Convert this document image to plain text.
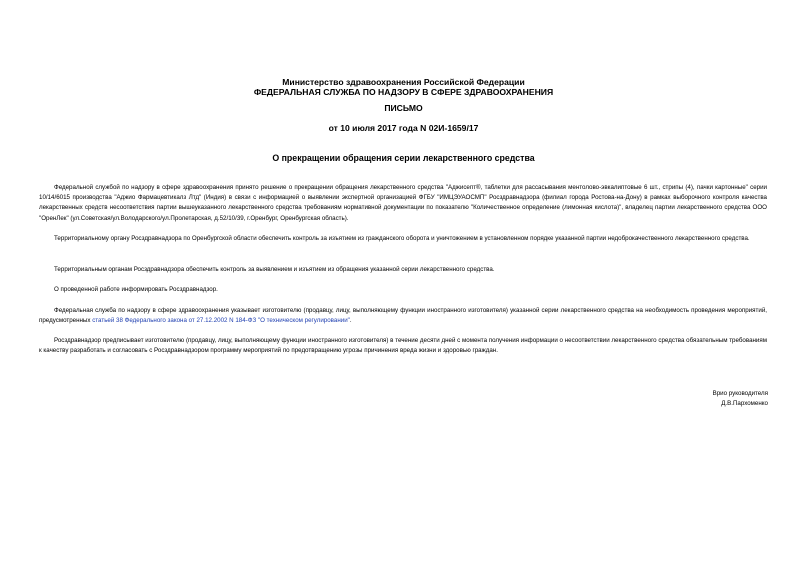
Министерство здравоохранения Российской Федерации
ФЕДЕРАЛЬНАЯ СЛУЖБА ПО НАДЗОРУ В СФЕРЕ ЗДРАВООХРАНЕНИЯ
ПИСЬМО
от 10 июля 2017 года N 02И-1659/17
О прекращении обращения серии лекарственного средства

Федеральной службой по надзору в сфере здравоохранения принято решение о прекращении обращения лекарственного средства "Аджисепт®, таблетки для рассасывания ментолово-эвкалиптовые 6 шт., стрипы (4), пачки картонные" серии 10/14/6015 производства "Аджио Фармацевтикалз Лтд" (Индия) в связи с информацией о выявлении экспертной организацией ФГБУ "ИМЦЭУАОСМП" Росздравнадзора (филиал города Ростова-на-Дону) в рамках выборочного контроля качества лекарственных средств несоответствия партии вышеуказанного лекарственного средства требованиям нормативной документации по показателю "Количественное определение (лимонная кислота)", владелец партии лекарственного средства ООО "ОренЛек" (ул.Советская/ул.Володарского/ул.Пролетарская, д.52/10/39, г.Оренбург, Оренбургская область).

Территориальному органу Росздравнадзора по Оренбургской области обеспечить контроль за изъятием из гражданского оборота и уничтожением в установленном порядке указанной партии недоброкачественного лекарственного средства.

Территориальным органам Росздравнадзора обеспечить контроль за выявлением и изъятием из обращения указанной серии лекарственного средства.

О проведенной работе информировать Росздравнадзор.

Федеральная служба по надзору в сфере здравоохранения указывает изготовителю (продавцу, лицу, выполняющему функции иностранного изготовителя) указанной серии лекарственного средства на необходимость проведения мероприятий, предусмотренных статьей 38 Федерального закона от 27.12.2002 N 184-ФЗ "О техническом регулировании".

Росздравнадзор предписывает изготовителю (продавцу, лицу, выполняющему функции иностранного изготовителя) в течение десяти дней с момента получения информации о несоответствии лекарственного средства обязательным требованиям к качеству разработать и согласовать с Росздравнадзором программу мероприятий по предотвращению угрозы причинения вреда жизни и здоровью граждан.

Врио руководителя
Д.В.Пархоменко
